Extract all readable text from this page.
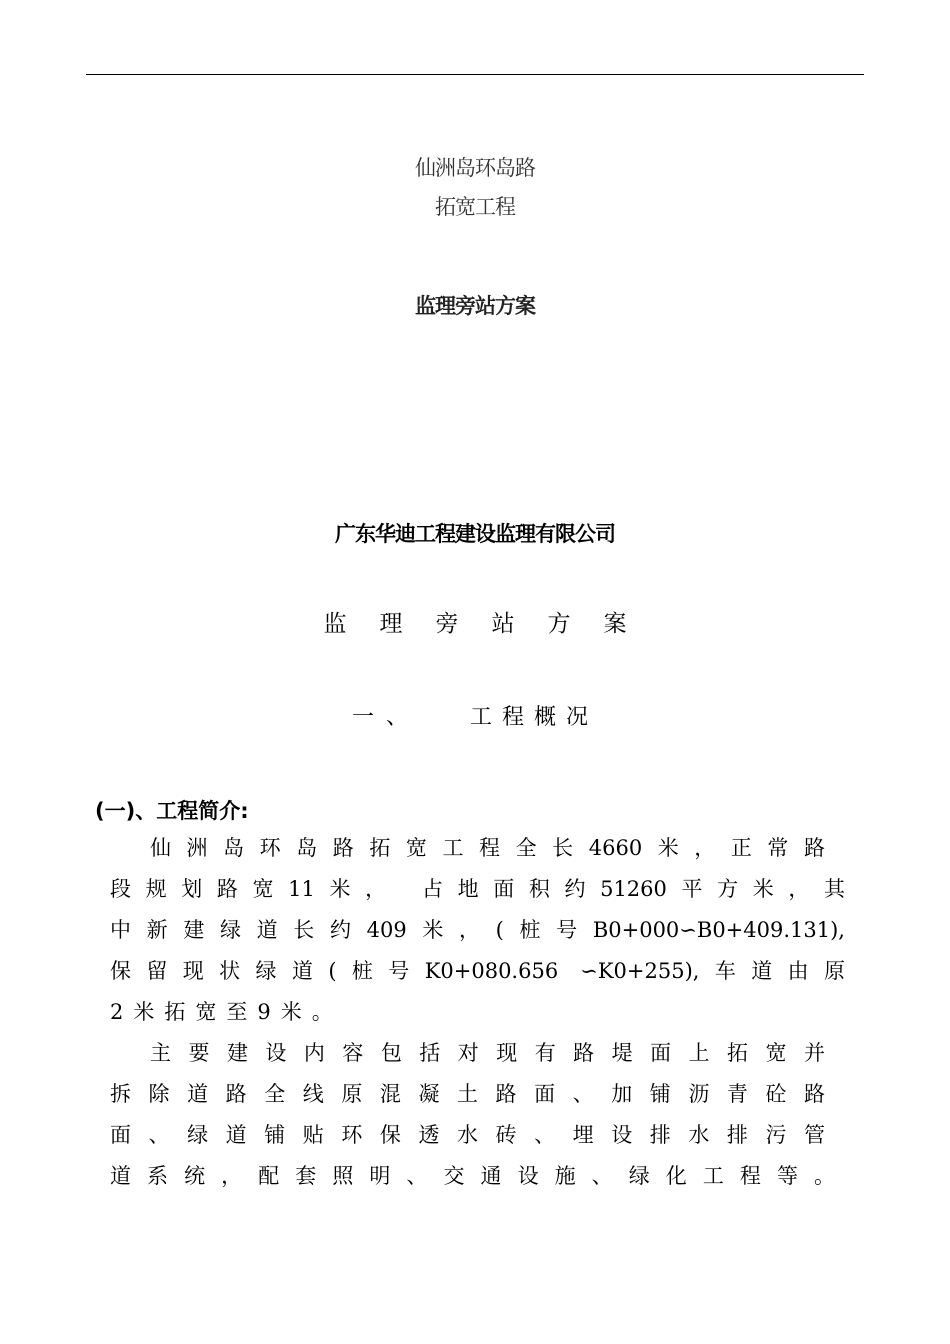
仙洲岛环岛路
拓宽工程
监理旁站方案
广东华迪工程建设监理有限公司
监理旁站方案
一、 工程概况
(一)、工程简介:
仙洲岛环岛路拓宽工程全长4660米，正常路
段规划路宽11米， 占地面积约51260平方米，其
中新建绿道长约409米，(桩号B0+000∽B0+409.131),
保留现状绿道(桩号K0+080.656 ∽K0+255),车道由原
2米拓宽至9米。
主要建设内容包括对现有路堤面上拓宽并
拆除道路全线原混凝土路面、加铺沥青砼路
面、绿道铺贴环保透水砖、埋设排水排污管
道系统，配套照明、交通设施、绿化工程等。
